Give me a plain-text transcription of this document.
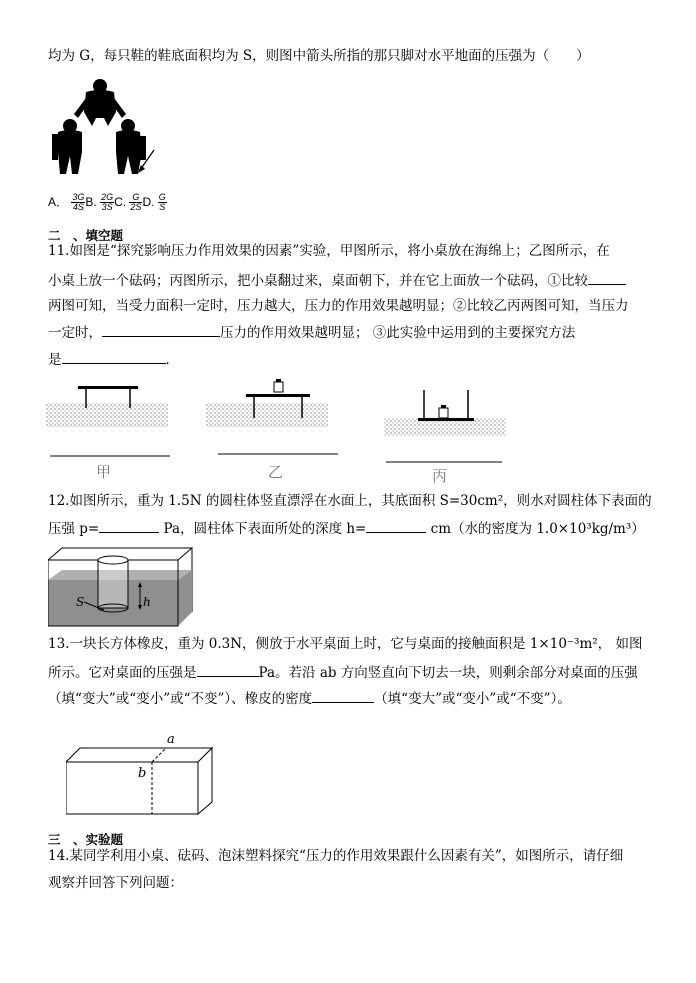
均为 G，每只鞋的鞋底面积均为 S，则图中箭头所指的那只脚对水平地面的压强为（　　）
A． $\frac{3G}{4S} B$. $\frac{2G}{3S} C$. $\frac{G}{2S} D$. $\frac{G}{S}$
二　、填空题
11.如图是“探究影响压力作用效果的因素”实验，甲图所示，将小桌放在海绵上；乙图所示，在
小桌上放一个砝码；丙图所示，把小桌翻过来，桌面朝下，并在它上面放一个砝码，①比较
两图可知，当受力面积一定时，压力越大，压力的作用效果越明显；②比较乙丙两图可知，当压力
一定时，	压力的作用效果越明显； ③此实验中运用到的主要探究方法
是	．
甲	乙	丙
12.如图所示，重为 1.5N 的圆柱体竖直漂浮在水面上，其底面积 S=30cm²，则水对圆柱体下表面的
压强 p=	Pa，圆柱体下表面所处的深度 h=	cm（水的密度为 1.0×10³kg/m³）
S	h
13.一块长方体橡皮，重为 0.3N，侧放于水平桌面上时，它与桌面的接触面积是 1×10⁻³m²， 如图
所示。它对桌面的压强是	Pa。若沿 ab 方向竖直向下切去一块，则剩余部分对桌面的压强
（填“变大”或“变小”或“不变”）、橡皮的密度	（填“变大”或“变小”或“不变”）。
a
b
三　、实验题
14.某同学利用小桌、砝码、泡沫塑料探究“压力的作用效果跟什么因素有关”，如图所示，请仔细
观察并回答下列问题：
